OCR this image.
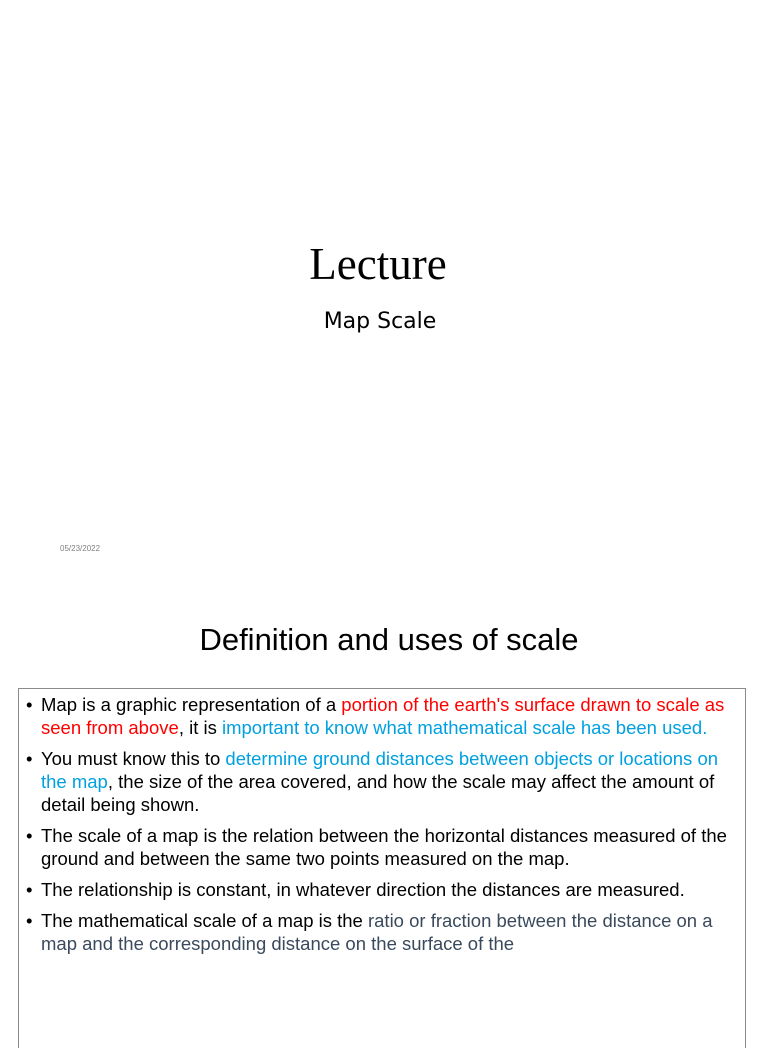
Lecture
Map Scale
05/23/2022
Definition and uses of scale
• Map is a graphic representation of a portion of the earth's surface drawn to scale as seen from above, it is important to know what mathematical scale has been used.
• You must know this to determine ground distances between objects or locations on the map, the size of the area covered, and how the scale may affect the amount of detail being shown.
• The scale of a map is the relation between the horizontal distances measured of the ground and between the same two points measured on the map.
• The relationship is constant, in whatever direction the distances are measured.
• The mathematical scale of a map is the ratio or fraction between the distance on a map and the corresponding distance on the surface of the
